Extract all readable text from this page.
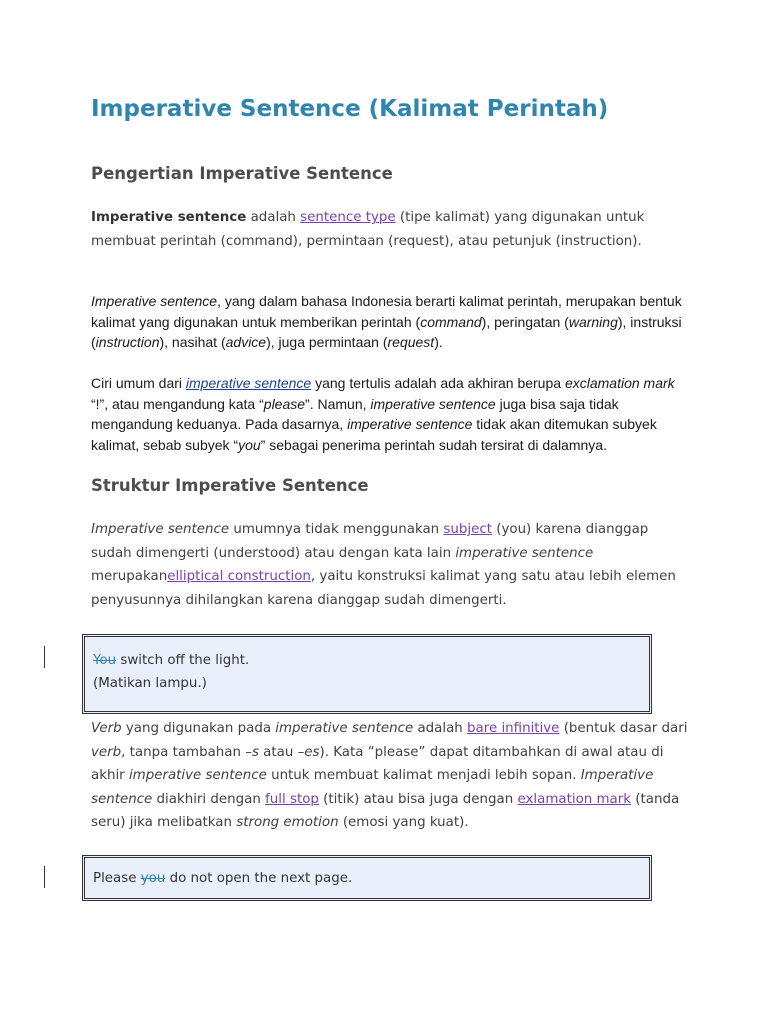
Imperative Sentence (Kalimat Perintah)
Pengertian Imperative Sentence

Imperative sentence adalah sentence type (tipe kalimat) yang digunakan untuk membuat perintah (command), permintaan (request), atau petunjuk (instruction).

Imperative sentence, yang dalam bahasa Indonesia berarti kalimat perintah, merupakan bentuk kalimat yang digunakan untuk memberikan perintah (command), peringatan (warning), instruksi (instruction), nasihat (advice), juga permintaan (request).

Ciri umum dari imperative sentence yang tertulis adalah ada akhiran berupa exclamation mark “!”, atau mengandung kata “please”. Namun, imperative sentence juga bisa saja tidak mengandung keduanya. Pada dasarnya, imperative sentence tidak akan ditemukan subyek kalimat, sebab subyek “you” sebagai penerima perintah sudah tersirat di dalamnya.

Struktur Imperative Sentence

Imperative sentence umumnya tidak menggunakan subject (you) karena dianggap sudah dimengerti (understood) atau dengan kata lain imperative sentence merupakanelliptical construction, yaitu konstruksi kalimat yang satu atau lebih elemen penyusunnya dihilangkan karena dianggap sudah dimengerti.

You switch off the light.
(Matikan lampu.)

Verb yang digunakan pada imperative sentence adalah bare infinitive (bentuk dasar dari verb, tanpa tambahan –s atau –es). Kata “please” dapat ditambahkan di awal atau di akhir imperative sentence untuk membuat kalimat menjadi lebih sopan. Imperative sentence diakhiri dengan full stop (titik) atau bisa juga dengan exlamation mark (tanda seru) jika melibatkan strong emotion (emosi yang kuat).

Please you do not open the next page.
